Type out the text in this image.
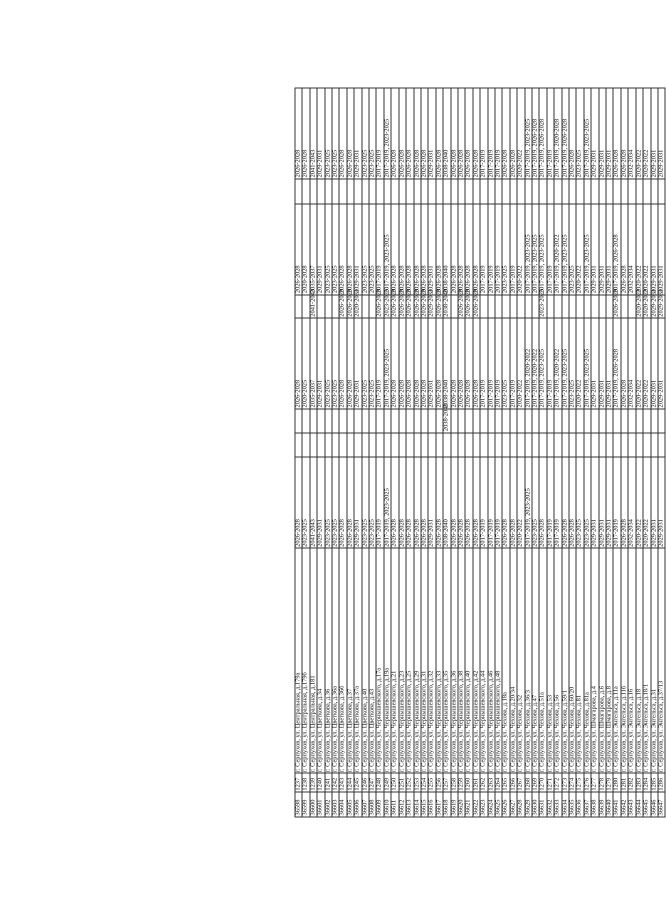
36598	1237	г. Серпухов, ул. Центральная, д.179а	2026-2028			2026-2028		2026-2028		2026-2028
36599	1238	г. Серпухов, ул. Центральная, д.179б	2023-2025			2020-2025		2020-2028		2026-2028
36600	1239	г. Серпухов, ул. Центральная, д.181	2041-2043			2035-2037	2041-2043	2035-2037		2041-2043
36601	1240	г. Серпухов, ул. Цветкова, д.34	2029-2031			2029-2031		2029-2031		2029-2031
36602	1241	г. Серпухов, ул. Цветкова, д.36	2023-2025			2023-2025		2023-2025		2023-2025
36603	1242	г. Серпухов, ул. Цветкова, д.36а	2023-2025			2023-2025		2023-2025		2023-2025
36604	1243	г. Серпухов, ул. Цветкова, д.36б	2026-2028			2026-2028	2026-2028	2026-2028		2026-2028
36605	1244	г. Серпухов, ул. Цветкова, д.37	2026-2028			2026-2028	2026-2028	2026-2028		2026-2028
36606	1245	г. Серпухов, ул. Цветкова, д.37а	2029-2031			2029-2031	2020-2031	2029-2031		2029-2031
36607	1246	г. Серпухов, ул. Цветкова, д.40	2023-2025			2023-2025		2023-2025		2023-2025
36608	1247	г. Серпухов, ул. Цветкова, д.43	2023-2025			2023-2025		2023-2025		2023-2025
36609	1248	г. Серпухов, ул. Чернышевского, д.17а	2017-2019			2017-2019	2026-2028	2017-2019		2017-2019
36610	1249	г. Серпухов, ул. Чернышевского, д.19а	2017-2019, 2023-2025			2017-2019, 2023-2025	2023-2025	2017-2019, 2023-2025		2017-2019, 2023-2025
36611	1250	г. Серпухов, ул. Чернышевского, д.21	2026-2028			2026-2028	2026-2028	2026-2028		2026-2028
36612	1251	г. Серпухов, ул. Чернышевского, д.23	2026-2028			2026-2028	2026-2028	2026-2028		2026-2028
36613	1252	г. Серпухов, ул. Чернышевского, д.25	2026-2028			2026-2028	2026-2028	2026-2028		2026-2028
36614	1253	г. Серпухов, ул. Чернышевского, д.29	2026-2028			2026-2028	2026-2028	2026-2028		2026-2028
36615	1254	г. Серпухов, ул. Чернышевского, д.31	2026-2028			2026-2028	2026-2028	2026-2028		2026-2028
36616	1255	г. Серпухов, ул. Чернышевского, д.32	2029-2031			2029-2031	2029-2031	2029-2031		2029-2031
36617	1256	г. Серпухов, ул. Чернышевского, д.33	2026-2028			2026-2028	2026-2028	2026-2028		2026-2028
36618	1257	г. Серпухов, ул. Чернышевского, д.35	2038-2040		2038-2040	2038-2040	2038-2040	2038-2040		2038-2040
36619	1258	г. Серпухов, ул. Чернышевского, д.36	2026-2028			2026-2028		2026-2028		2026-2028
36620	1259	г. Серпухов, ул. Чернышевского, д.38	2026-2028			2026-2028	2026-2028	2026-2028		2026-2028
36621	1260	г. Серпухов, ул. Чернышевского, д.40	2026-2028			2026-2028	2026-2028	2026-2028		2026-2028
36622	1261	г. Серпухов, ул. Чернышевского, д.42	2026-2028			2026-2028	2026-2028	2026-2028		2026-2028
36623	1262	г. Серпухов, ул. Чернышевского, д.44	2017-2019			2017-2019		2017-2019		2017-2019
36624	1263	г. Серпухов, ул. Чернышевского, д.46	2017-2019			2017-2019		2017-2019		2017-2019
36625	1264	г. Серпухов, ул. Чернышевского, д.48	2017-2019			2017-2019		2017-2019		2017-2019
36626	1265	г. Серпухов, ул. Чехова, д.18а	2026-2028			2023-2025		2023-2025		2026-2028
36627	1266	г. Серпухов, ул. Чехова, д.20/34	2026-2028			2017-2019		2017-2019		2026-2028
36628	1267	г. Серпухов, ул. Чехова, д.32	2020-2022			2020-2022		2020-2022		2020-2022
36629	1268	г. Серпухов, ул. Чехова, д.36/3	2017-2019, 2023-2025			2017-2019, 2020-2022		2017-2019, 2023-2025		2017-2019, 2023-2025
36630	1269	г. Серпухов, ул. Чехова, д.47	2023-2025			2017-2019, 2020-2022		2017-2019, 2023-2025		2017-2019, 2026-2028
36631	1270	г. Серпухов, ул. Чехова, д.51а	2026-2028			2017-2019, 2023-2025	2023-2025	2017-2019, 2023-2025		2017-2019, 2026-2028
36632	1271	г. Серпухов, ул. Чехова, д.53	2017-2019			2017-2019		2017-2019		2017-2019
36633	1272	г. Серпухов, ул. Чехова, д.56	2017-2019			2017-2019, 2020-2022		2017-2019, 2020-2022		2017-2019, 2020-2028
36634	1273	г. Серпухов, ул. Чехова, д.59/1	2026-2028			2017-2019, 2023-2025		2017-2019, 2023-2025		2017-2019, 2026-2028
36635	1274	г. Серпухов, ул. Чехова, д.60/20	2026-2028			2023-2025		2023-2025		2026-2028
36636	1275	г. Серпухов, ул. Чехова, д.81	2023-2025			2020-2022		2020-2022		2023-2025
36637	1276	г. Серпухов, ул. Чехова, д.81а	2023-2025			2017-2019, 2023-2025		2017-2019, 2023-2025		2017-2019, 2023-2025
36638	1277	г. Серпухов, ул. Шмагарова, д.4	2029-2031			2029-2031		2029-2031		2029-2031
36639	1278	г. Серпухов, ул. Шмагарова, д.6	2029-2031			2029-2031		2029-2031		2029-2031
36640	1279	г. Серпухов, ул. Шмагарова, д.8	2029-2031			2029-2031		2029-2031		2029-2031
36641	1280	г. Серпухов, ул. Энгельса, д.11а	2017-2019			2017-2019, 2026-2028	2026-2028	2017-2019, 2026-2028		2026-2028
36642	1281	г. Серпухов, ул. Энгельса, д.11б	2026-2028			2026-2028		2026-2028		2026-2028
36643	1282	г. Серпухов, ул. Энгельса, д.16	2032-2034			2032-2034		2032-2034		2032-2034
36644	1283	г. Серпухов, ул. Энгельса, д.18	2020-2022			2020-2022	2020-2022	2020-2022		2020-2022
36645	1284	г. Серпухов, ул. Энгельса, д.18/1	2020-2022			2020-2022	2020-2022	2020-2022		2020-2022
36646	1285	г. Серпухов, ул. Энгельса, д.31	2029-2031			2029-2031	2029-2031	2029-2031		2029-2031
36647	1286	г. Серпухов, ул. Энгельса, д.37/13	2029-2031			2029-2031	2029-2031	2029-2031		2029-2031
